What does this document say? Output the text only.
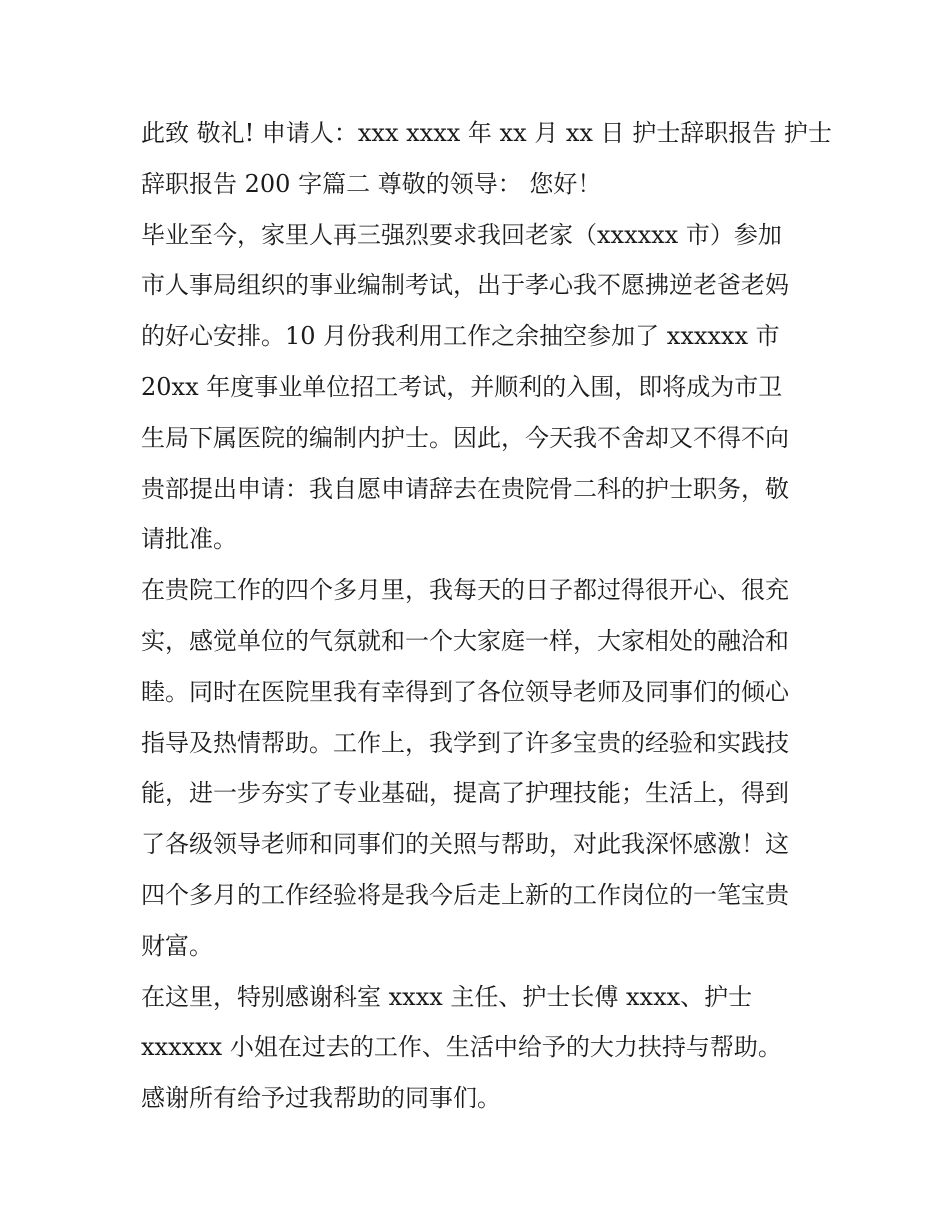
此致 敬礼! 申请人：xxx xxxx 年 xx 月 xx 日 护士辞职报告 护士
辞职报告 200 字篇二 尊敬的领导： 您好！
毕业至今，家里人再三强烈要求我回老家（xxxxxx 市）参加
市人事局组织的事业编制考试，出于孝心我不愿拂逆老爸老妈
的好心安排。10 月份我利用工作之余抽空参加了 xxxxxx 市
20xx 年度事业单位招工考试，并顺利的入围，即将成为市卫
生局下属医院的编制内护士。因此，今天我不舍却又不得不向
贵部提出申请：我自愿申请辞去在贵院骨二科的护士职务，敬
请批准。
在贵院工作的四个多月里，我每天的日子都过得很开心、很充
实，感觉单位的气氛就和一个大家庭一样，大家相处的融洽和
睦。同时在医院里我有幸得到了各位领导老师及同事们的倾心
指导及热情帮助。工作上，我学到了许多宝贵的经验和实践技
能，进一步夯实了专业基础，提高了护理技能；生活上，得到
了各级领导老师和同事们的关照与帮助，对此我深怀感激！这
四个多月的工作经验将是我今后走上新的工作岗位的一笔宝贵
财富。
在这里，特别感谢科室 xxxx 主任、护士长傅 xxxx、护士
xxxxxx 小姐在过去的工作、生活中给予的大力扶持与帮助。
感谢所有给予过我帮助的同事们。
